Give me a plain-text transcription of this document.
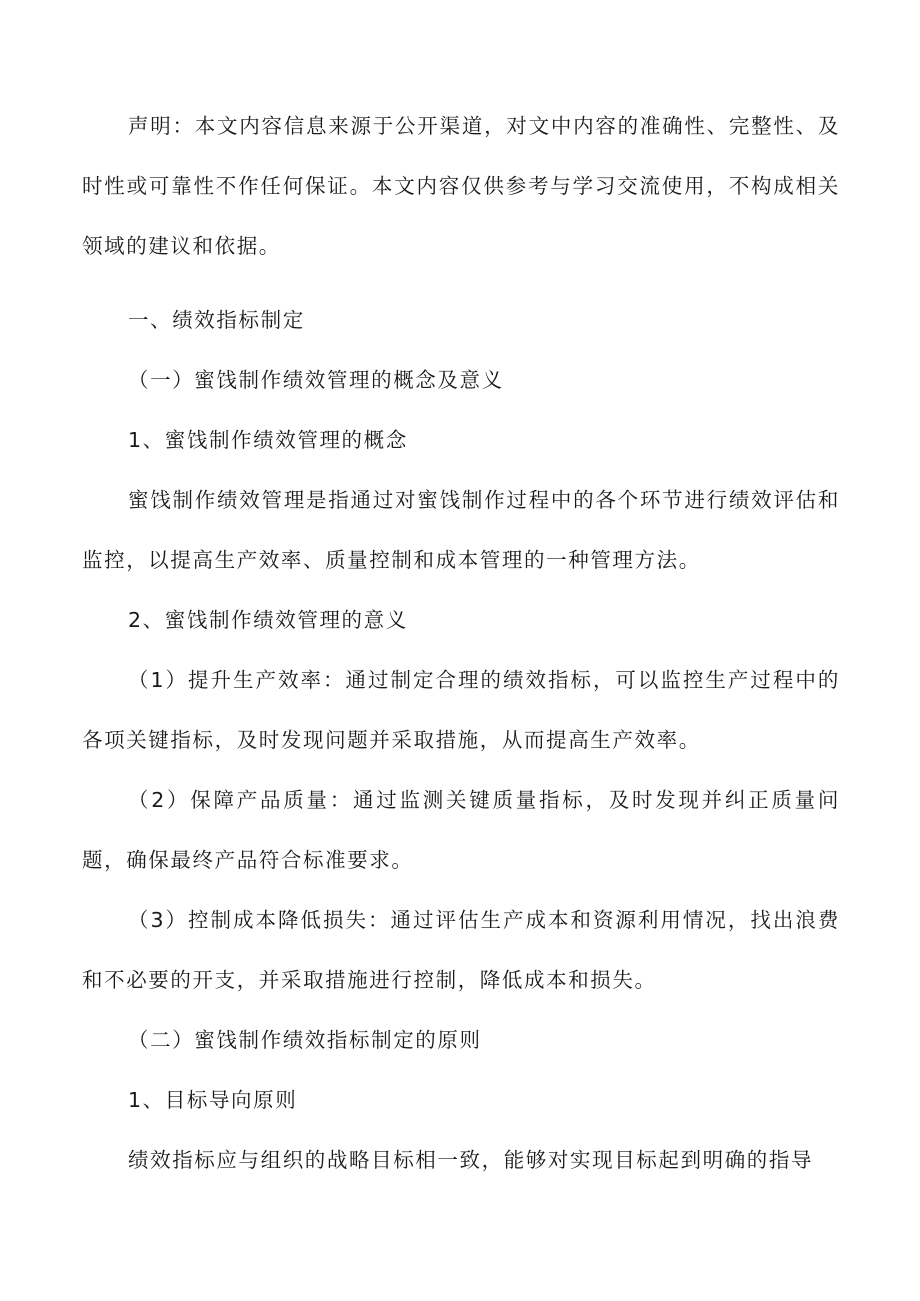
声明：本文内容信息来源于公开渠道，对文中内容的准确性、完整性、及时性或可靠性不作任何保证。本文内容仅供参考与学习交流使用，不构成相关领域的建议和依据。

一、绩效指标制定

（一）蜜饯制作绩效管理的概念及意义

1、蜜饯制作绩效管理的概念

蜜饯制作绩效管理是指通过对蜜饯制作过程中的各个环节进行绩效评估和监控，以提高生产效率、质量控制和成本管理的一种管理方法。

2、蜜饯制作绩效管理的意义

（1）提升生产效率：通过制定合理的绩效指标，可以监控生产过程中的各项关键指标，及时发现问题并采取措施，从而提高生产效率。

（2）保障产品质量：通过监测关键质量指标，及时发现并纠正质量问题，确保最终产品符合标准要求。

（3）控制成本降低损失：通过评估生产成本和资源利用情况，找出浪费和不必要的开支，并采取措施进行控制，降低成本和损失。

（二）蜜饯制作绩效指标制定的原则

1、目标导向原则

绩效指标应与组织的战略目标相一致，能够对实现目标起到明确的指导
